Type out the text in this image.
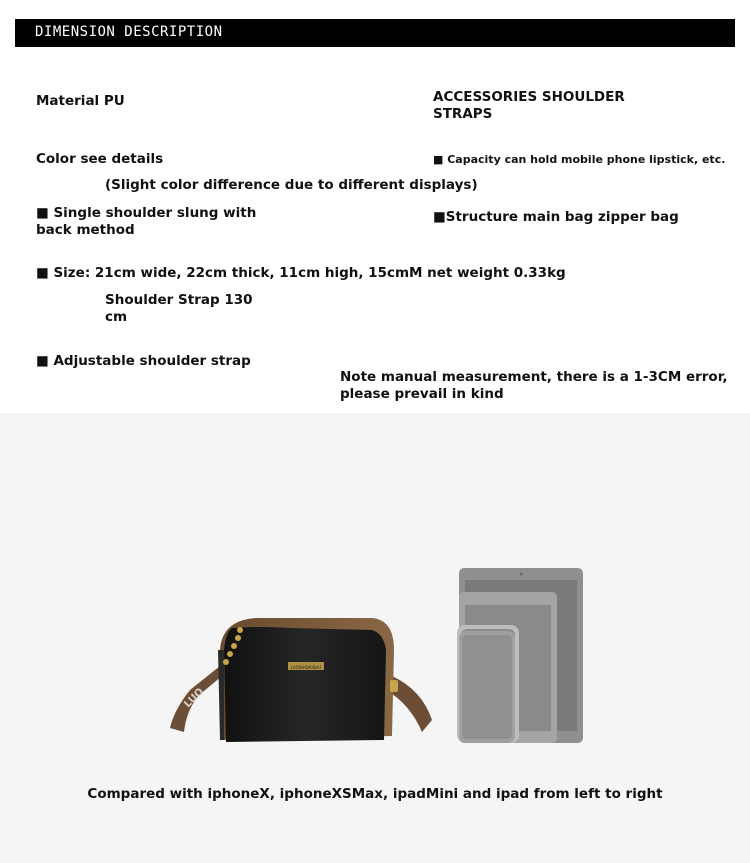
DIMENSION DESCRIPTION
Material PU	ACCESSORIES SHOULDER STRAPS
Color see details	■ Capacity can hold mobile phone lipstick, etc.
(Slight color difference due to different displays)
■ Single shoulder slung with back method
■Structure main bag zipper bag
■ Size: 21cm wide, 22cm thick, 11cm high, 15cmM net weight 0.33kg
Shoulder Strap 130 cm
■ Adjustable shoulder strap
Note manual measurement, there is a 1-3CM error, please prevail in kind
LUO
LAOSHIDAISHU
Compared with iphoneX, iphoneXSMax, ipadMini and ipad from left to right
